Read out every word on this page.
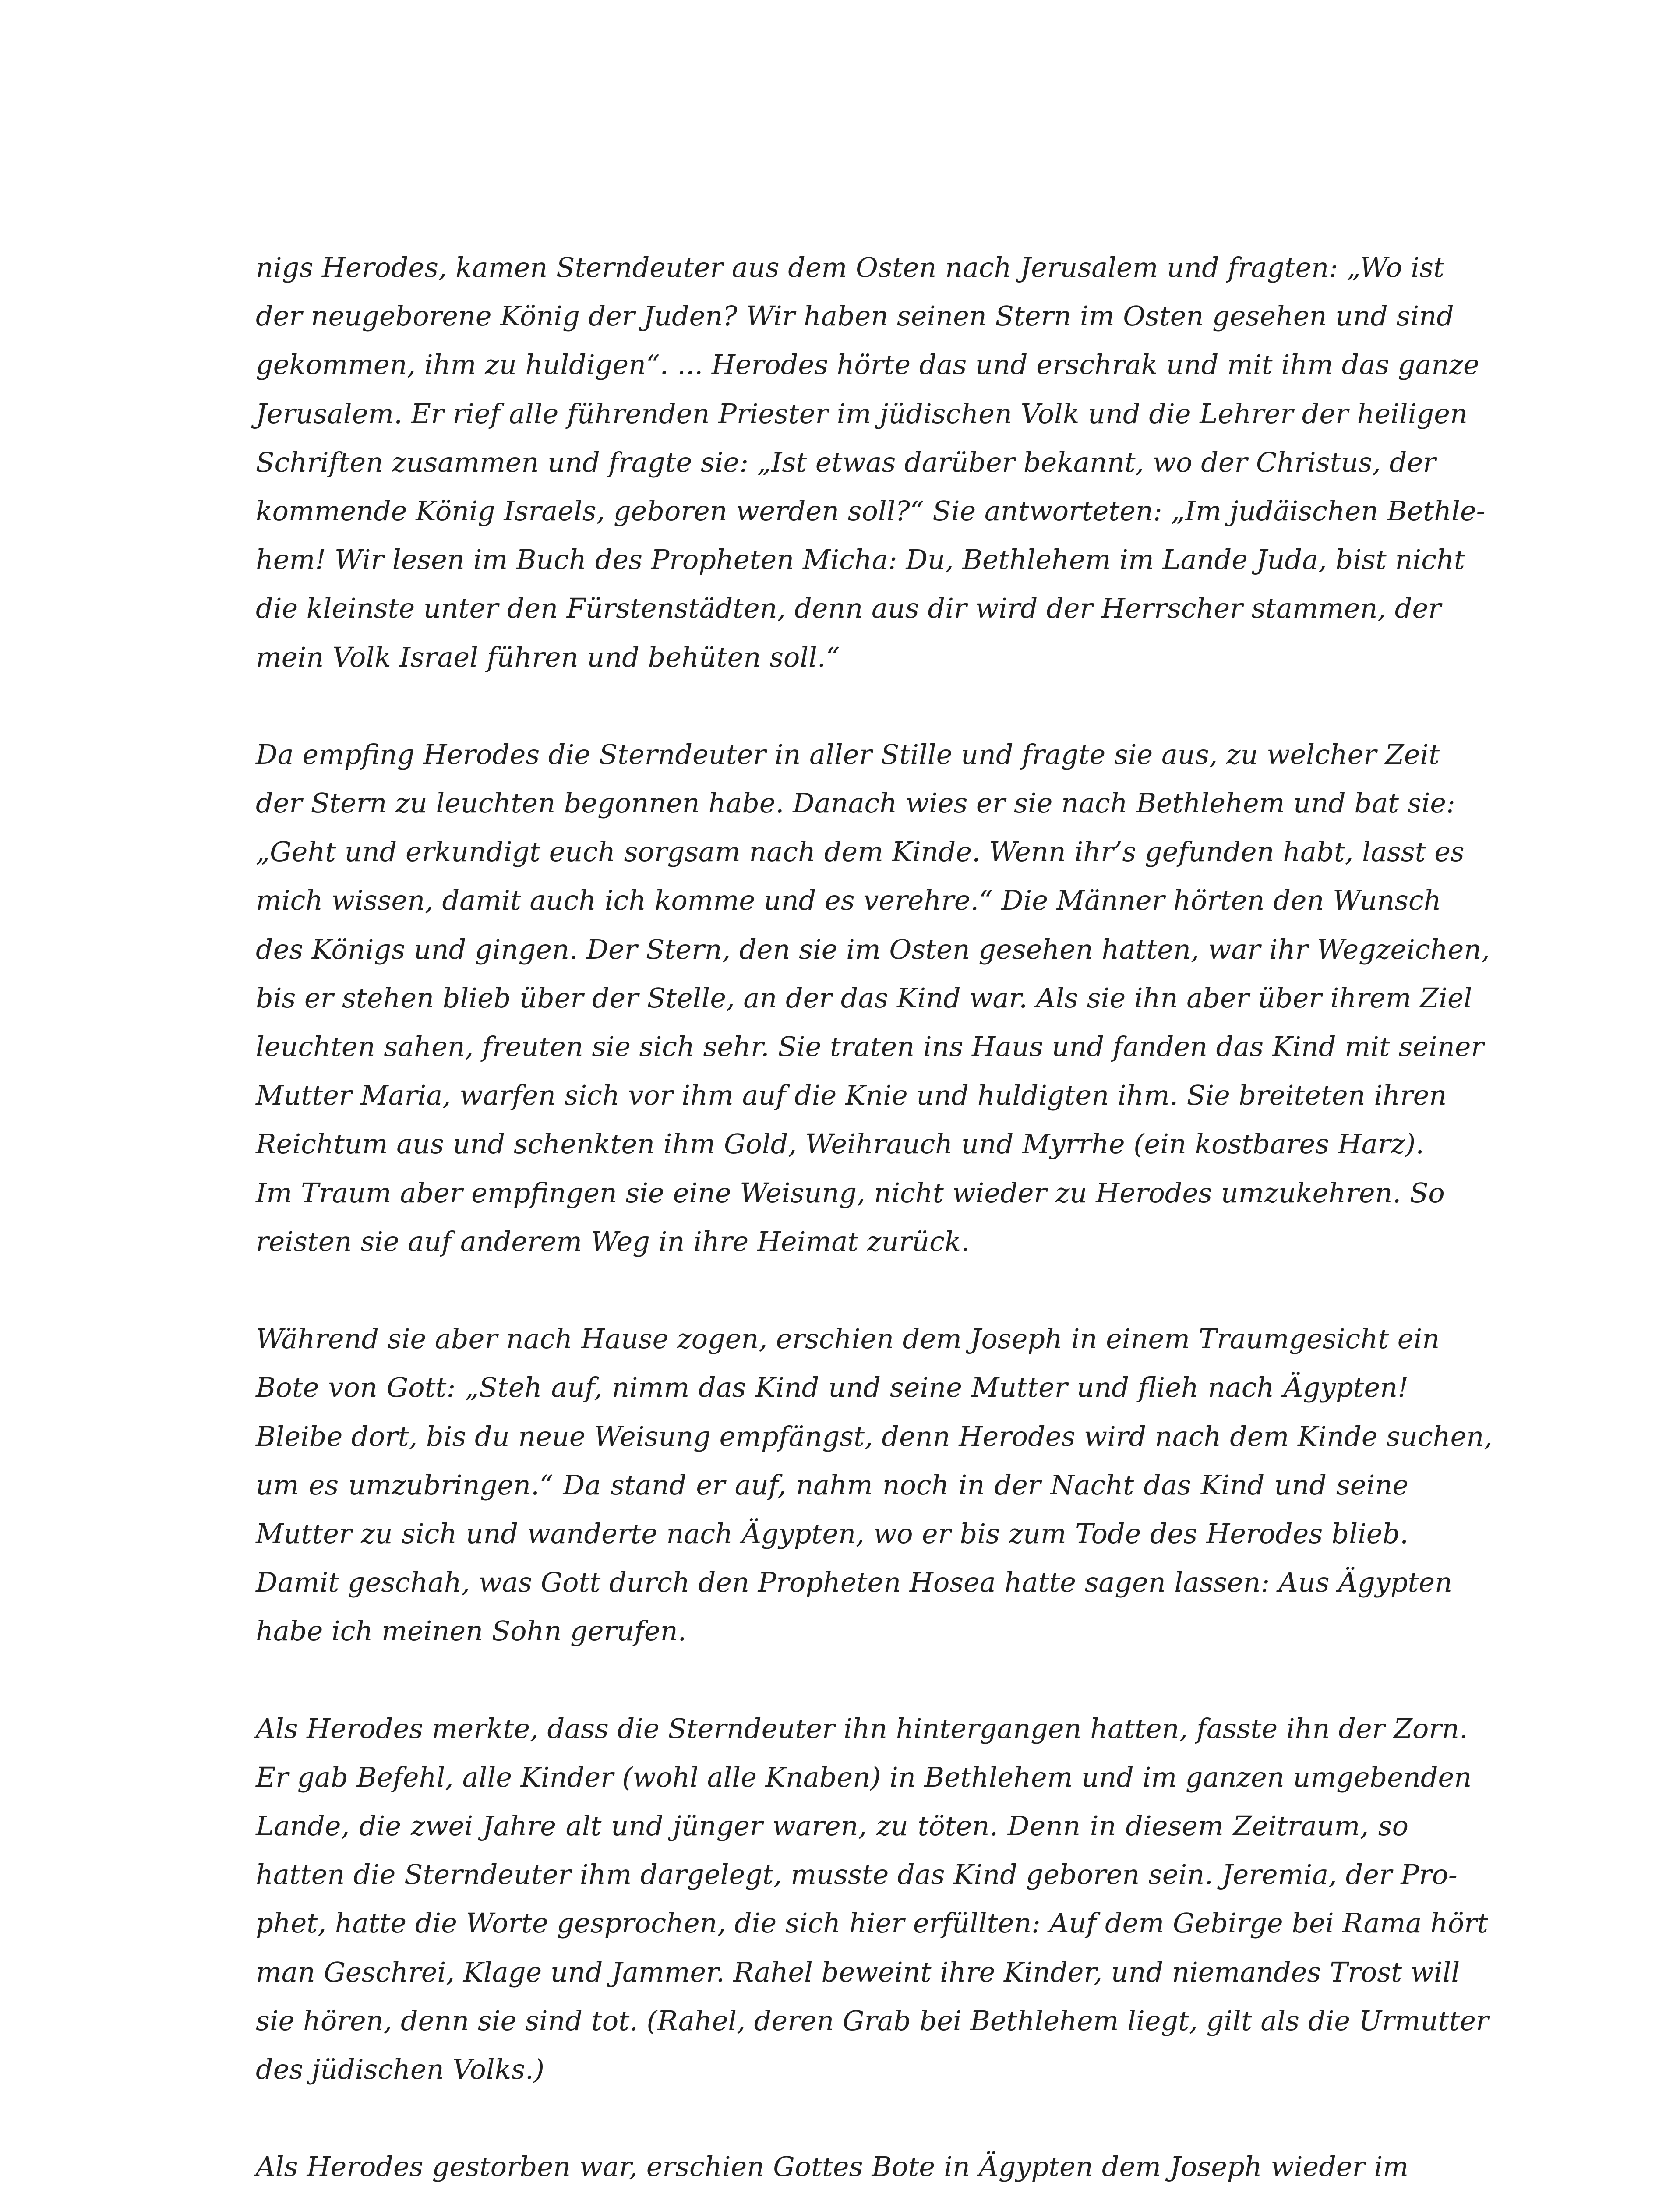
nigs Herodes, kamen Sterndeuter aus dem Osten nach Jerusalem und fragten: „Wo ist
der neugeborene König der Juden? Wir haben seinen Stern im Osten gesehen und sind
gekommen, ihm zu huldigen“. ... Herodes hörte das und erschrak und mit ihm das ganze
Jerusalem. Er rief alle führenden Priester im jüdischen Volk und die Lehrer der heiligen
Schriften zusammen und fragte sie: „Ist etwas darüber bekannt, wo der Christus, der
kommende König Israels, geboren werden soll?“ Sie antworteten: „Im judäischen Bethle-
hem! Wir lesen im Buch des Propheten Micha: Du, Bethlehem im Lande Juda, bist nicht
die kleinste unter den Fürstenstädten, denn aus dir wird der Herrscher stammen, der
mein Volk Israel führen und behüten soll.“
Da empfing Herodes die Sterndeuter in aller Stille und fragte sie aus, zu welcher Zeit
der Stern zu leuchten begonnen habe. Danach wies er sie nach Bethlehem und bat sie:
„Geht und erkundigt euch sorgsam nach dem Kinde. Wenn ihr’s gefunden habt, lasst es
mich wissen, damit auch ich komme und es verehre.“ Die Männer hörten den Wunsch
des Königs und gingen. Der Stern, den sie im Osten gesehen hatten, war ihr Wegzeichen,
bis er stehen blieb über der Stelle, an der das Kind war. Als sie ihn aber über ihrem Ziel
leuchten sahen, freuten sie sich sehr. Sie traten ins Haus und fanden das Kind mit seiner
Mutter Maria, warfen sich vor ihm auf die Knie und huldigten ihm. Sie breiteten ihren
Reichtum aus und schenkten ihm Gold, Weihrauch und Myrrhe (ein kostbares Harz).
Im Traum aber empfingen sie eine Weisung, nicht wieder zu Herodes umzukehren. So
reisten sie auf anderem Weg in ihre Heimat zurück.
Während sie aber nach Hause zogen, erschien dem Joseph in einem Traumgesicht ein
Bote von Gott: „Steh auf, nimm das Kind und seine Mutter und flieh nach Ägypten!
Bleibe dort, bis du neue Weisung empfängst, denn Herodes wird nach dem Kinde suchen,
um es umzubringen.“ Da stand er auf, nahm noch in der Nacht das Kind und seine
Mutter zu sich und wanderte nach Ägypten, wo er bis zum Tode des Herodes blieb.
Damit geschah, was Gott durch den Propheten Hosea hatte sagen lassen: Aus Ägypten
habe ich meinen Sohn gerufen.
Als Herodes merkte, dass die Sterndeuter ihn hintergangen hatten, fasste ihn der Zorn.
Er gab Befehl, alle Kinder (wohl alle Knaben) in Bethlehem und im ganzen umgebenden
Lande, die zwei Jahre alt und jünger waren, zu töten. Denn in diesem Zeitraum, so
hatten die Sterndeuter ihm dargelegt, musste das Kind geboren sein. Jeremia, der Pro-
phet, hatte die Worte gesprochen, die sich hier erfüllten: Auf dem Gebirge bei Rama hört
man Geschrei, Klage und Jammer. Rahel beweint ihre Kinder, und niemandes Trost will
sie hören, denn sie sind tot. (Rahel, deren Grab bei Bethlehem liegt, gilt als die Urmutter
des jüdischen Volks.)
Als Herodes gestorben war, erschien Gottes Bote in Ägypten dem Joseph wieder im
